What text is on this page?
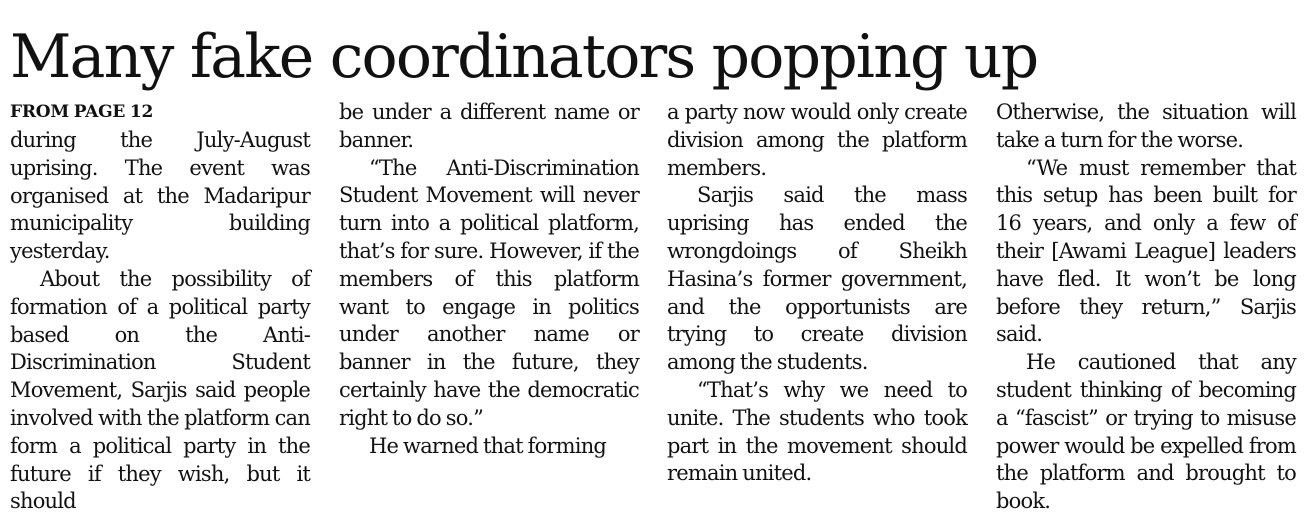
Many fake coordinators popping up
FROM PAGE 12

during the July-August uprising. The event was organised at the Madaripur municipality building yesterday.

About the possibility of formation of a political party based on the Anti-Discrimination Student Movement, Sarjis said people involved with the platform can form a political party in the future if they wish, but it should

be under a different name or banner.

“The Anti-Discrimination Student Movement will never turn into a political platform, that’s for sure. However, if the members of this platform want to engage in politics under another name or banner in the future, they certainly have the democratic right to do so.”

He warned that forming

a party now would only create division among the platform members.

Sarjis said the mass uprising has ended the wrongdoings of Sheikh Hasina’s former government, and the opportunists are trying to create division among the students.

“That’s why we need to unite. The students who took part in the movement should remain united.

Otherwise, the situation will take a turn for the worse.

“We must remember that this setup has been built for 16 years, and only a few of their [Awami League] leaders have fled. It won’t be long before they return,” Sarjis said.

He cautioned that any student thinking of becoming a “fascist” or trying to misuse power would be expelled from the platform and brought to book.
